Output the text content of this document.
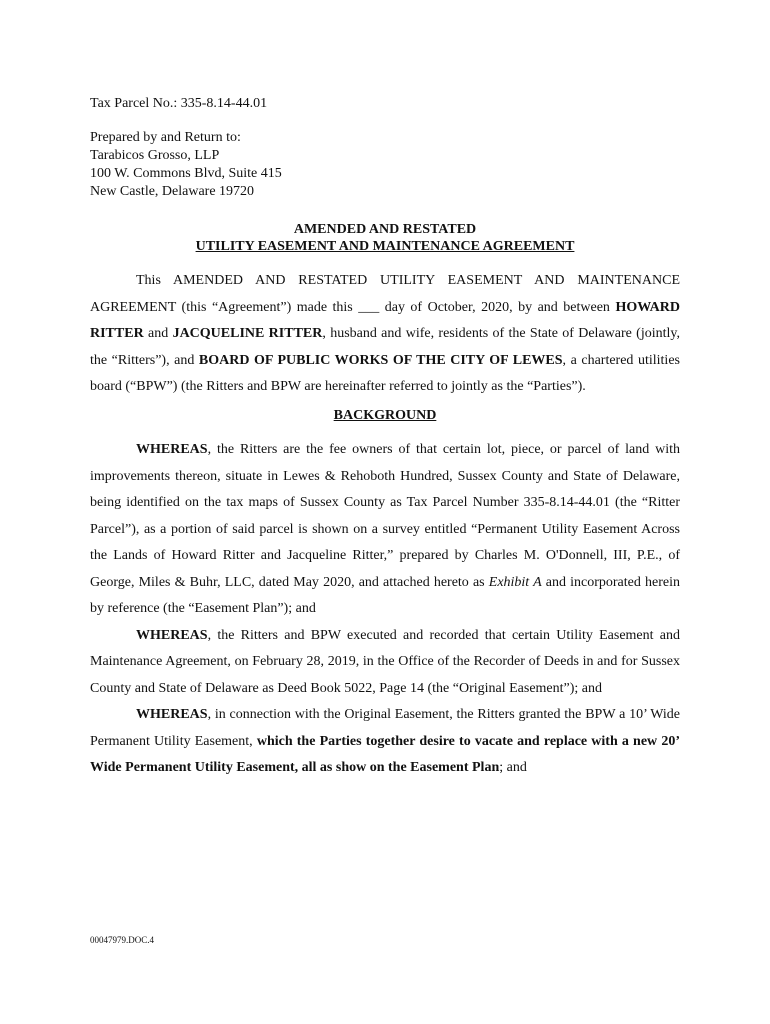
Tax Parcel No.: 335-8.14-44.01
Prepared by and Return to:
Tarabicos Grosso, LLP
100 W. Commons Blvd, Suite 415
New Castle, Delaware 19720
AMENDED AND RESTATED
UTILITY EASEMENT AND MAINTENANCE AGREEMENT

This AMENDED AND RESTATED UTILITY EASEMENT AND MAINTENANCE AGREEMENT (this “Agreement”) made this ___ day of October, 2020, by and between HOWARD RITTER and JACQUELINE RITTER, husband and wife, residents of the State of Delaware (jointly, the “Ritters”), and BOARD OF PUBLIC WORKS OF THE CITY OF LEWES, a chartered utilities board (“BPW”) (the Ritters and BPW are hereinafter referred to jointly as the “Parties”).

BACKGROUND

WHEREAS, the Ritters are the fee owners of that certain lot, piece, or parcel of land with improvements thereon, situate in Lewes & Rehoboth Hundred, Sussex County and State of Delaware, being identified on the tax maps of Sussex County as Tax Parcel Number 335-8.14-44.01 (the “Ritter Parcel”), as a portion of said parcel is shown on a survey entitled “Permanent Utility Easement Across the Lands of Howard Ritter and Jacqueline Ritter,” prepared by Charles M. O'Donnell, III, P.E., of George, Miles & Buhr, LLC, dated May 2020, and attached hereto as Exhibit A and incorporated herein by reference (the “Easement Plan”); and

WHEREAS, the Ritters and BPW executed and recorded that certain Utility Easement and Maintenance Agreement, on February 28, 2019, in the Office of the Recorder of Deeds in and for Sussex County and State of Delaware as Deed Book 5022, Page 14 (the “Original Easement”); and

WHEREAS, in connection with the Original Easement, the Ritters granted the BPW a 10’ Wide Permanent Utility Easement, which the Parties together desire to vacate and replace with a new 20’ Wide Permanent Utility Easement, all as show on the Easement Plan; and

00047979.DOC.4
